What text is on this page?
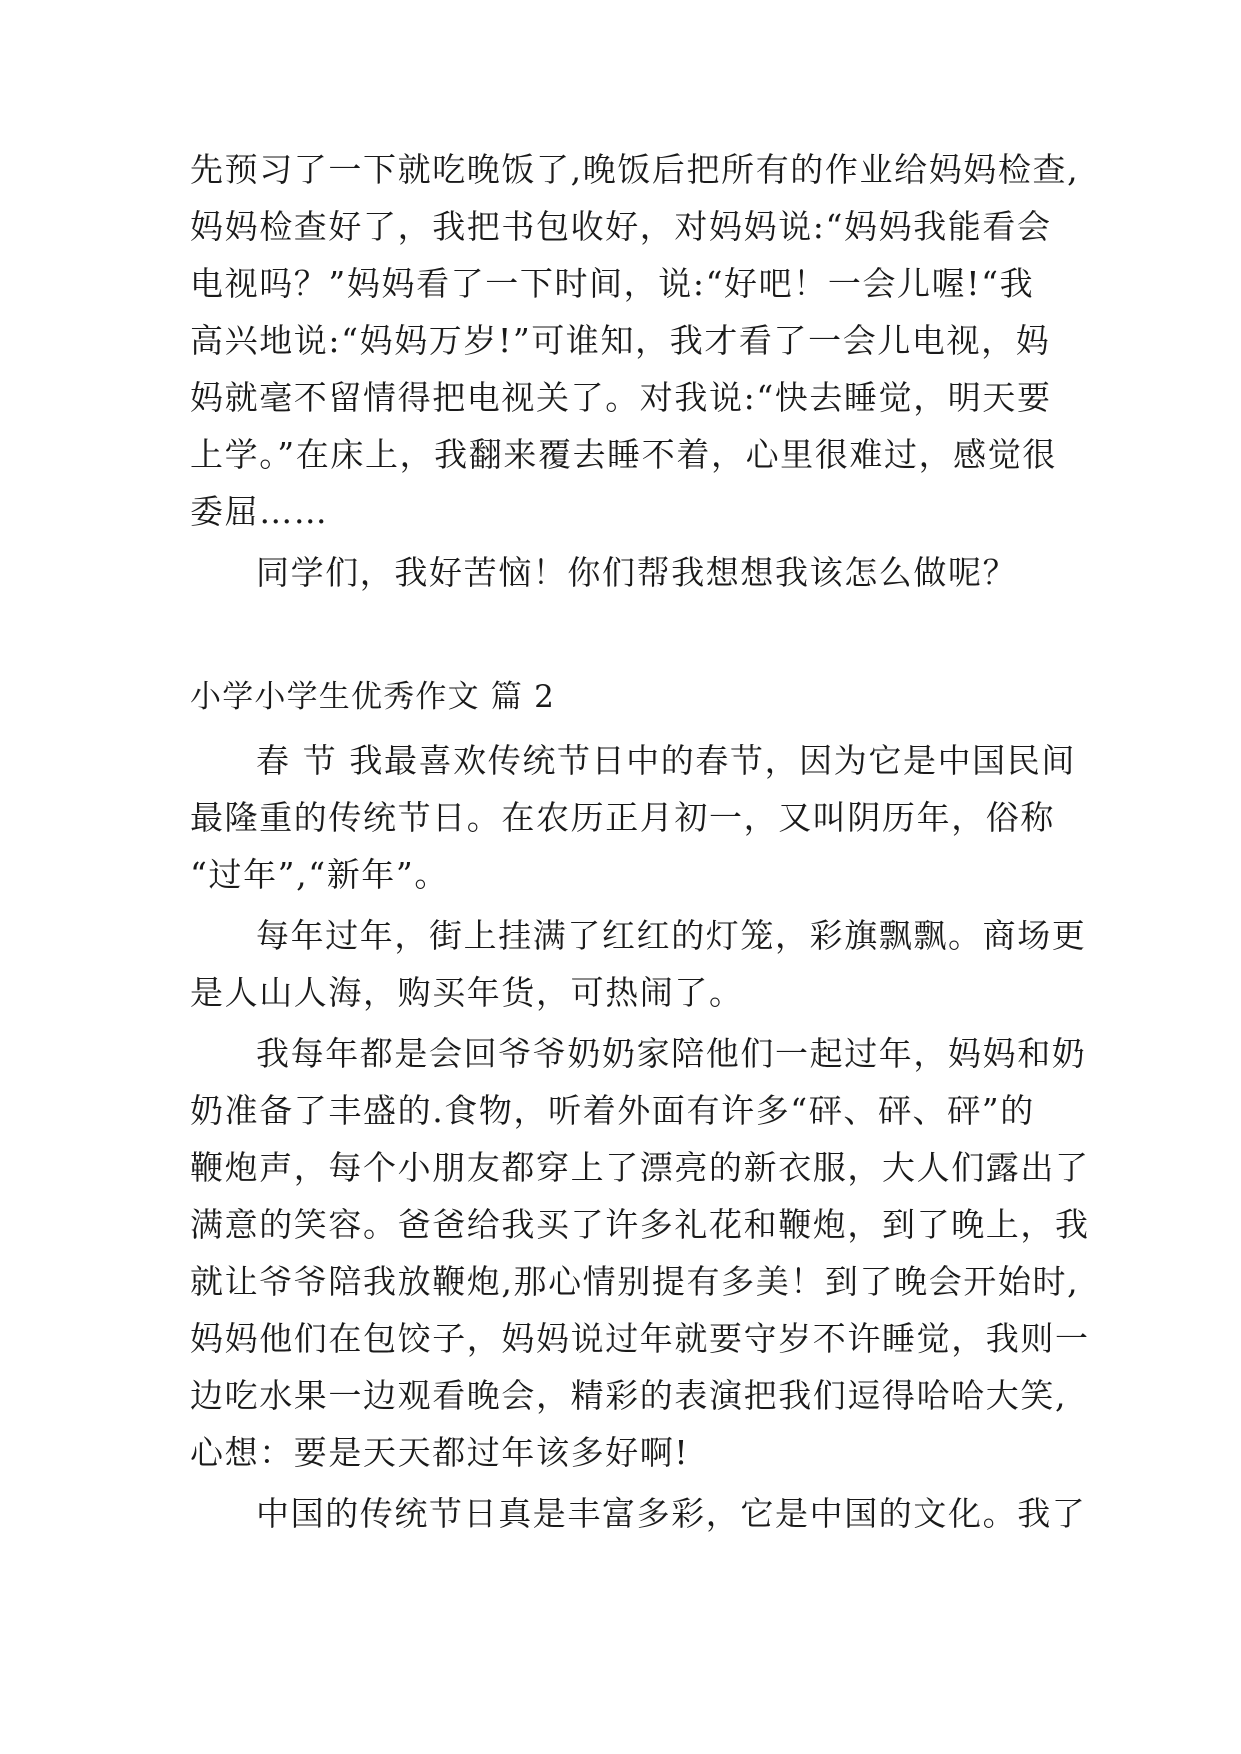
先预习了一下就吃晚饭了,晚饭后把所有的作业给妈妈检查,
妈妈检查好了，我把书包收好，对妈妈说:“妈妈我能看会
电视吗？”妈妈看了一下时间，说:“好吧！一会儿喔!“我
高兴地说:“妈妈万岁!”可谁知，我才看了一会儿电视，妈
妈就毫不留情得把电视关了。对我说:“快去睡觉，明天要
上学。”在床上，我翻来覆去睡不着，心里很难过，感觉很
委屈……
同学们，我好苦恼！你们帮我想想我该怎么做呢？
小学小学生优秀作文 篇 2
春 节 我最喜欢传统节日中的春节，因为它是中国民间
最隆重的传统节日。在农历正月初一，又叫阴历年，俗称
“过年”,“新年”。
每年过年，街上挂满了红红的灯笼，彩旗飘飘。商场更
是人山人海，购买年货，可热闹了。
我每年都是会回爷爷奶奶家陪他们一起过年，妈妈和奶
奶准备了丰盛的.食物，听着外面有许多“砰、砰、砰”的
鞭炮声，每个小朋友都穿上了漂亮的新衣服，大人们露出了
满意的笑容。爸爸给我买了许多礼花和鞭炮，到了晚上，我
就让爷爷陪我放鞭炮,那心情别提有多美！到了晚会开始时,
妈妈他们在包饺子，妈妈说过年就要守岁不许睡觉，我则一
边吃水果一边观看晚会，精彩的表演把我们逗得哈哈大笑,
心想：要是天天都过年该多好啊!
中国的传统节日真是丰富多彩，它是中国的文化。我了
